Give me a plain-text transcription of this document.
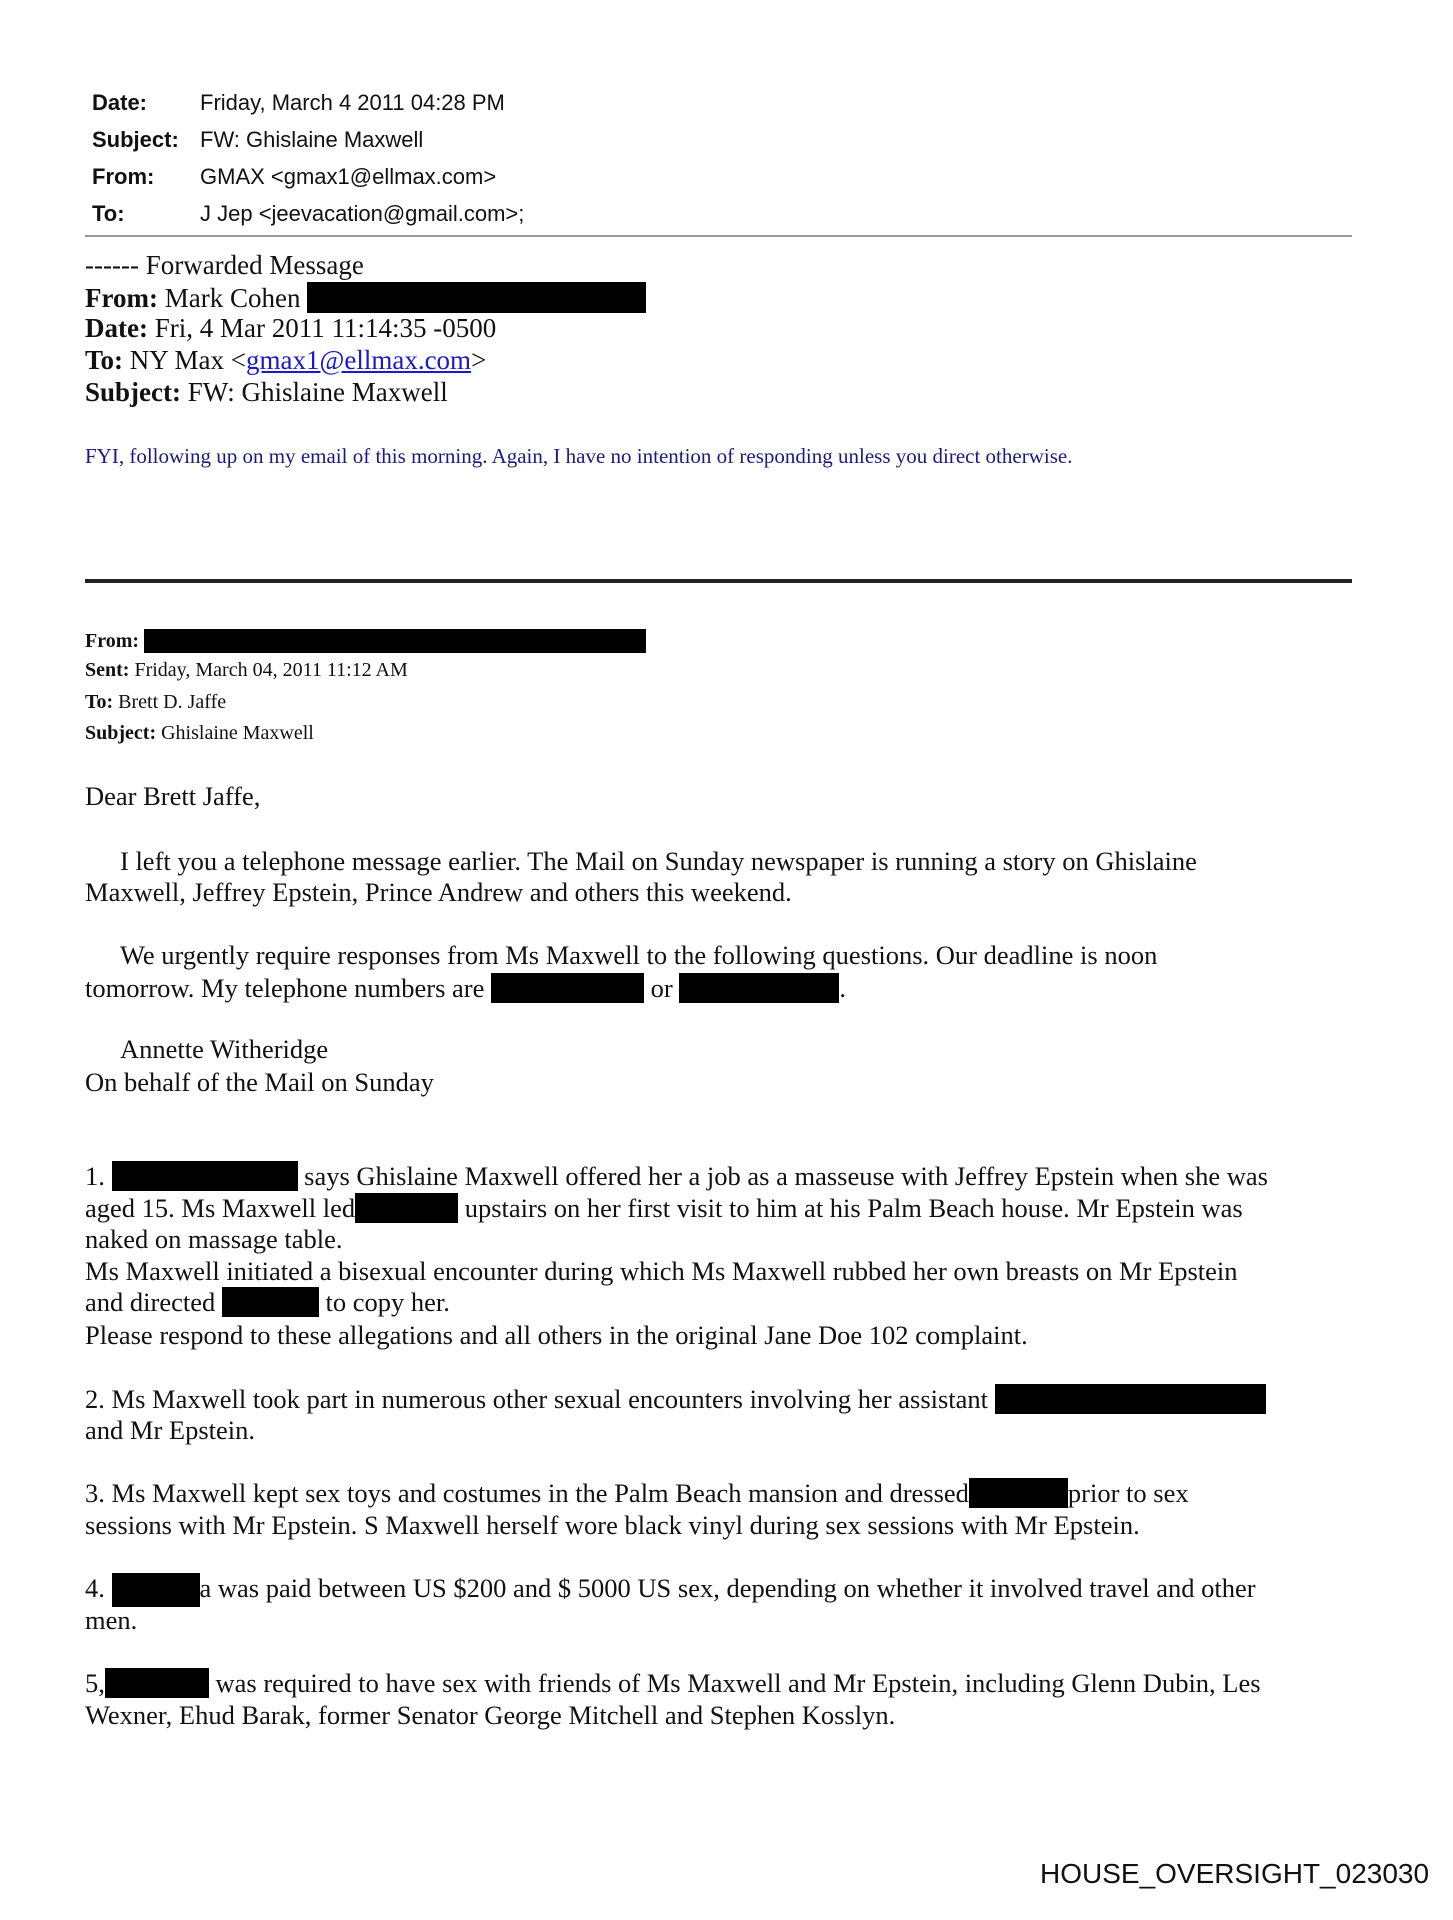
Date: Friday, March 4 2011 04:28 PM
Subject: FW: Ghislaine Maxwell
From: GMAX <gmax1@ellmax.com>
To:	J Jep <jeevacation@gmail.com>;
------ Forwarded Message
From: Mark Cohen
Date: Fri, 4 Mar 2011 11:14:35 -0500
To: NY Max <gmax1@ellmax.com>
Subject: FW: Ghislaine Maxwell
FYI, following up on my email of this morning. Again, I have no intention of responding unless you direct otherwise.
From:
Sent: Friday, March 04, 2011 11:12 AM
To: Brett D. Jaffe
Subject: Ghislaine Maxwell
Dear Brett Jaffe,
I left you a telephone message earlier. The Mail on Sunday newspaper is running a story on Ghislaine
Maxwell, Jeffrey Epstein, Prince Andrew and others this weekend.
We urgently require responses from Ms Maxwell to the following questions. Our deadline is noon
tomorrow. My telephone numbers are	or	.
Annette Witheridge
On behalf of the Mail on Sunday
1.	says Ghislaine Maxwell offered her a job as a masseuse with Jeffrey Epstein when she was
aged 15. Ms Maxwell led	upstairs on her first visit to him at his Palm Beach house. Mr Epstein was
naked on massage table.
Ms Maxwell initiated a bisexual encounter during which Ms Maxwell rubbed her own breasts on Mr Epstein
and directed	to copy her.
Please respond to these allegations and all others in the original Jane Doe 102 complaint.
2. Ms Maxwell took part in numerous other sexual encounters involving her assistant
and Mr Epstein.
3. Ms Maxwell kept sex toys and costumes in the Palm Beach mansion and dressed	prior to sex
sessions with Mr Epstein. S Maxwell herself wore black vinyl during sex sessions with Mr Epstein.
4.	a was paid between US $200 and $ 5000 US sex, depending on whether it involved travel and other
men.
5,	was required to have sex with friends of Ms Maxwell and Mr Epstein, including Glenn Dubin, Les
Wexner, Ehud Barak, former Senator George Mitchell and Stephen Kosslyn.
HOUSE_OVERSIGHT_023030
